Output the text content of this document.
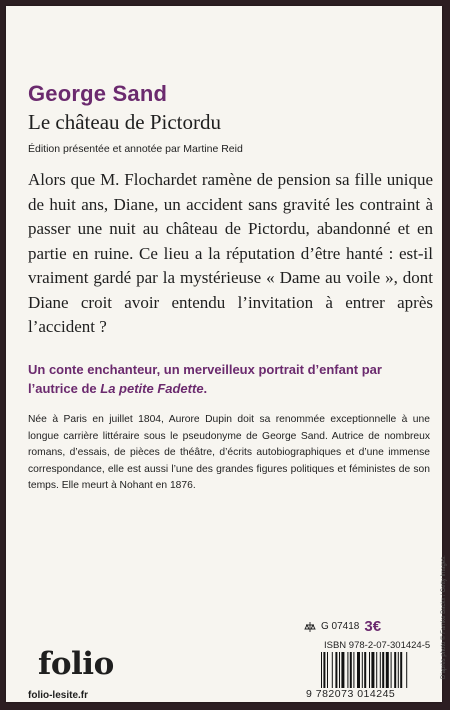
George Sand
Le château de Pictordu
Édition présentée et annotée par Martine Reid

Alors que M. Flochardet ramène de pension sa fille unique de huit ans, Diane, un accident sans gravité les contraint à passer une nuit au château de Pictordu, abandonné et en partie en ruine. Ce lieu a la réputation d’être hanté : est-il vraiment gardé par la mystérieuse « Dame au voile », dont Diane croit avoir entendu l’invitation à entrer après l’accident ?

Un conte enchanteur, un merveilleux portrait d’enfant par l’autrice de La petite Fadette.

Née à Paris en juillet 1804, Aurore Dupin doit sa renommée exceptionnelle à une longue carrière littéraire sous le pseudonyme de George Sand. Autrice de nombreux romans, d’essais, de pièces de théâtre, d’écrits autobiographiques et d’une immense correspondance, elle est aussi l’une des grandes figures politiques et féministes de son temps. Elle meurt à Nohant en 1876.

G 07418 3€
ISBN 978-2-07-301424-5
9 782073 014245
folio
folio-lesite.fr
D’après photo © Famke Backx / Getty Images.
